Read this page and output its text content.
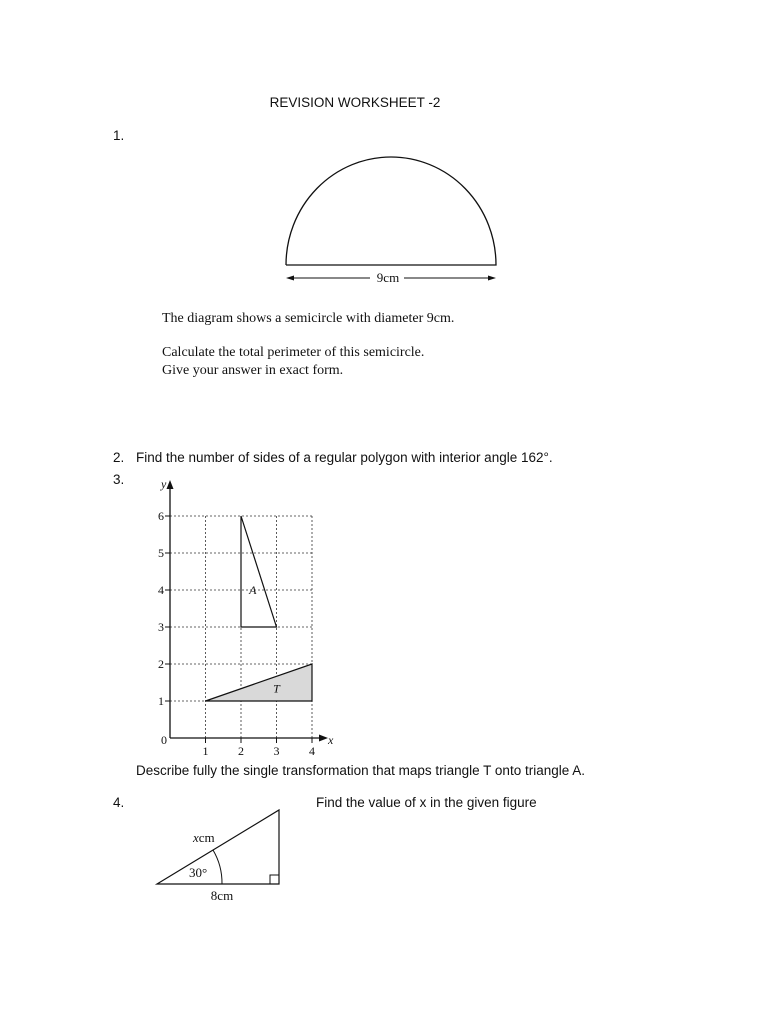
REVISION WORKSHEET -2
1.
9cm
The diagram shows a semicircle with diameter 9cm.
Calculate the total perimeter of this semicircle.
Give your answer in exact form.
2. Find the number of sides of a regular polygon with interior angle 162°.
3.
A
T
y
x
0
1 2 3 4
1
2
3
4
5
6
Describe fully the single transformation that maps triangle T onto triangle A.
4.	Find the value of x in the given figure
xcm
30°
8cm
